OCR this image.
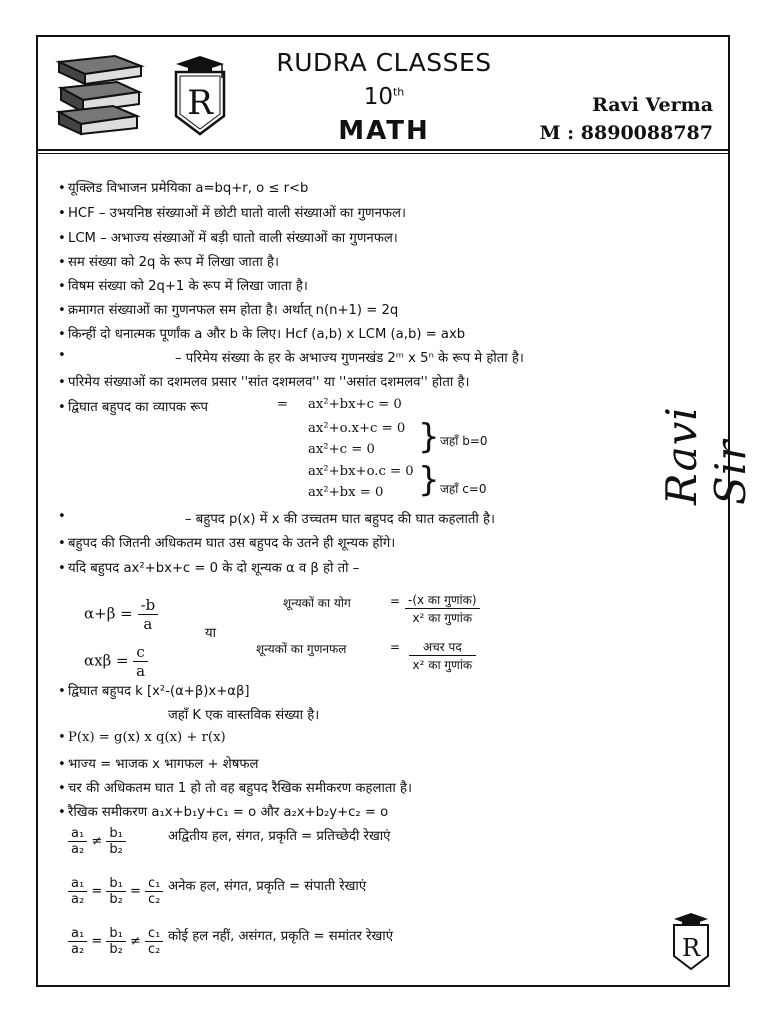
R
RUDRA CLASSES
10th
MATH
Ravi Verma
M : 8890088787
• यूक्लिड विभाजन प्रमेयिका a=bq+r, o ≤ r<b
• HCF – उभयनिष्ठ संख्याओं में छोटी घातो वाली संख्याओं का गुणनफल।
• LCM – अभाज्य संख्याओं में बड़ी घातो वाली संख्याओं का गुणनफल।
• सम संख्या को 2q के रूप में लिखा जाता है।
• विषम संख्या को 2q+1 के रूप में लिखा जाता है।
• क्रमागत संख्याओं का गुणनफल सम होता है। अर्थात् n(n+1) = 2q
• किन्हीं दो धनात्मक पूर्णांक a और b के लिए। Hcf (a,b) x LCM (a,b) = axb
•	– परिमेय संख्या के हर के अभाज्य गुणनखंड 2ᵐ x 5ⁿ के रूप मे होता है।
• परिमेय संख्याओं का दशमलव प्रसार ''सांत दशमलव'' या ''असांत दशमलव'' होता है।
• द्विघात बहुपद का व्यापक रूप	= ax²+bx+c = 0
ax²+o.x+c = 0
ax²+c = 0 } जहाँ b=0
ax²+bx+o.c = 0
ax²+bx = 0 } जहाँ c=0
•	– बहुपद p(x) में x की उच्चतम घात बहुपद की घात कहलाती है।
• बहुपद की जितनी अधिकतम घात उस बहुपद के उतने ही शून्यक होंगे।
• यदि बहुपद ax²+bx+c = 0 के दो शून्यक α व β हो तो –
$\alpha+\beta = \frac{-b}{a}$
$\alpha x\beta = \frac{c}{a}$
या
शून्यकों का योग	= $\frac{\text{-(x का गुणांक)}}{\text{x² का गुणांक}}$
शून्यकों का गुणनफल	= $\frac{\text{अचर पद}}{\text{x² का गुणांक}}$
• द्विघात बहुपद k [x²-(α+β)x+αβ]
जहाँ K एक वास्तविक संख्या है।
• P(x) = g(x) x q(x) + r(x)
• भाज्य = भाजक x भागफल + शेषफल
• चर की अधिकतम घात 1 हो तो वह बहुपद रैखिक समीकरण कहलाता है।
• रैखिक समीकरण a₁x+b₁y+c₁ = o और a₂x+b₂y+c₂ = o
$\frac{\text{a₁}}{\text{a₂}} \ne \frac{\text{b₁}}{\text{b₂}}$	अद्वितीय हल, संगत, प्रकृति = प्रतिच्छेदी रेखाएं
$\frac{\text{a₁}}{\text{a₂}} = \frac{\text{b₁}}{\text{b₂}} = \frac{\text{c₁}}{\text{c₂}}$ अनेक हल, संगत, प्रकृति = संपाती रेखाएं
$\frac{\text{a₁}}{\text{a₂}} = \frac{\text{b₁}}{\text{b₂}} \ne \frac{\text{c₁}}{\text{c₂}}$ कोई हल नहीं, असंगत, प्रकृति = समांतर रेखाएं
Ravi Sir
R
